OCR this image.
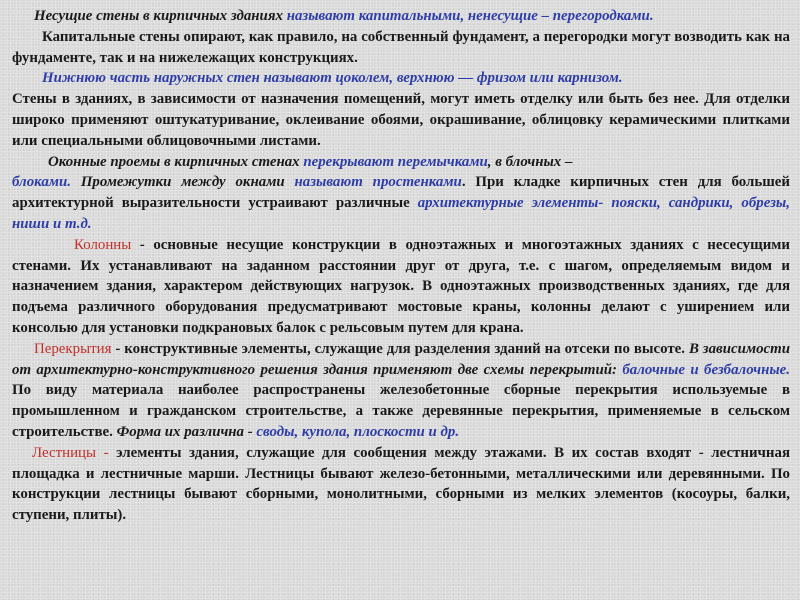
Несущие стены в кирпичных зданиях называют капитальными, ненесущие – перегородками.

Капитальные стены опирают, как правило, на собственный фундамент, а перегородки могут возводить как на фундаменте, так и на нижележащих конструкциях.

Нижнюю часть наружных стен называют цоколем, верхнюю — фризом или карнизом.

Стены в зданиях, в зависимости от назначения помещений, могут иметь отделку или быть без нее. Для отделки широко применяют оштукатуривание, оклеивание обоями, окрашивание, облицовку керамическими плитками или специальными облицовочными листами.

Оконные проемы в кирпичных стенах перекрывают перемычками, в блочных –
блоками. Промежутки между окнами называют простенками. При кладке кирпичных стен для большей архитектурной выразительности устраивают различные архитектурные элементы- пояски, сандрики, обрезы, ниши и т.д.

Колонны - основные несущие конструкции в одноэтажных и многоэтажных зданиях с несесущими стенами. Их устанавливают на заданном расстоянии друг от друга, т.е. с шагом, определяемым видом и назначением здания, характером действующих нагрузок. В одноэтажных производственных зданиях, где для подъема различного оборудования предусматривают мостовые краны, колонны делают с уширением или консолью для установки подкрановых балок с рельсовым путем для крана.

Перекрытия - конструктивные элементы, служащие для разделения зданий на отсеки по высоте. В зависимости от архитектурно-конструктивного решения здания применяют две схемы перекрытий: балочные и безбалочные. По виду материала наиболее распространены железобетонные сборные перекрытия используемые в промышленном и гражданском строительстве, а также деревянные перекрытия, применяемые в сельском строительстве. Форма их различна - своды, купола, плоскости и др.

Лестницы - элементы здания, служащие для сообщения между этажами. В их состав входят - лестничная площадка и лестничные марши. Лестницы бывают железо-бетонными, металлическими или деревянными. По конструкции лестницы бывают сборными, монолитными, сборными из мелких элементов (косоуры, балки, ступени, плиты).
